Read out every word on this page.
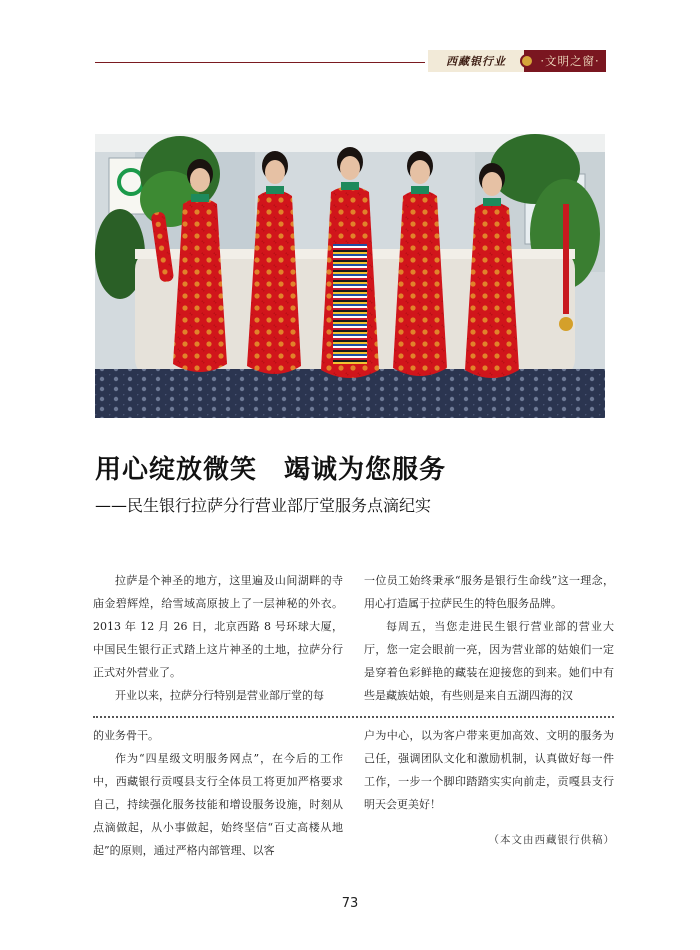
西藏银行业	·文明之窗·
用心绽放微笑　竭诚为您服务
——民生银行拉萨分行营业部厅堂服务点滴纪实

拉萨是个神圣的地方，这里遍及山间湖畔的寺庙金碧辉煌，给雪域高原披上了一层神秘的外衣。2013 年 12 月 26 日，北京西路 8 号环球大厦，中国民生银行正式踏上这片神圣的土地，拉萨分行正式对外营业了。

开业以来，拉萨分行特别是营业部厅堂的每

一位员工始终秉承“服务是银行生命线”这一理念，用心打造属于拉萨民生的特色服务品牌。

每周五，当您走进民生银行营业部的营业大厅，您一定会眼前一亮，因为营业部的姑娘们一定是穿着色彩鲜艳的藏装在迎接您的到来。她们中有些是藏族姑娘，有些则是来自五湖四海的汉

的业务骨干。

作为“四星级文明服务网点”，在今后的工作中，西藏银行贡嘎县支行全体员工将更加严格要求自己，持续强化服务技能和增设服务设施，时刻从点滴做起，从小事做起，始终坚信“百丈高楼从地起”的原则，通过严格内部管理、以客

户为中心，以为客户带来更加高效、文明的服务为己任，强调团队文化和激励机制，认真做好每一件工作，一步一个脚印踏踏实实向前走，贡嘎县支行明天会更美好！

（本文由西藏银行供稿）
73
